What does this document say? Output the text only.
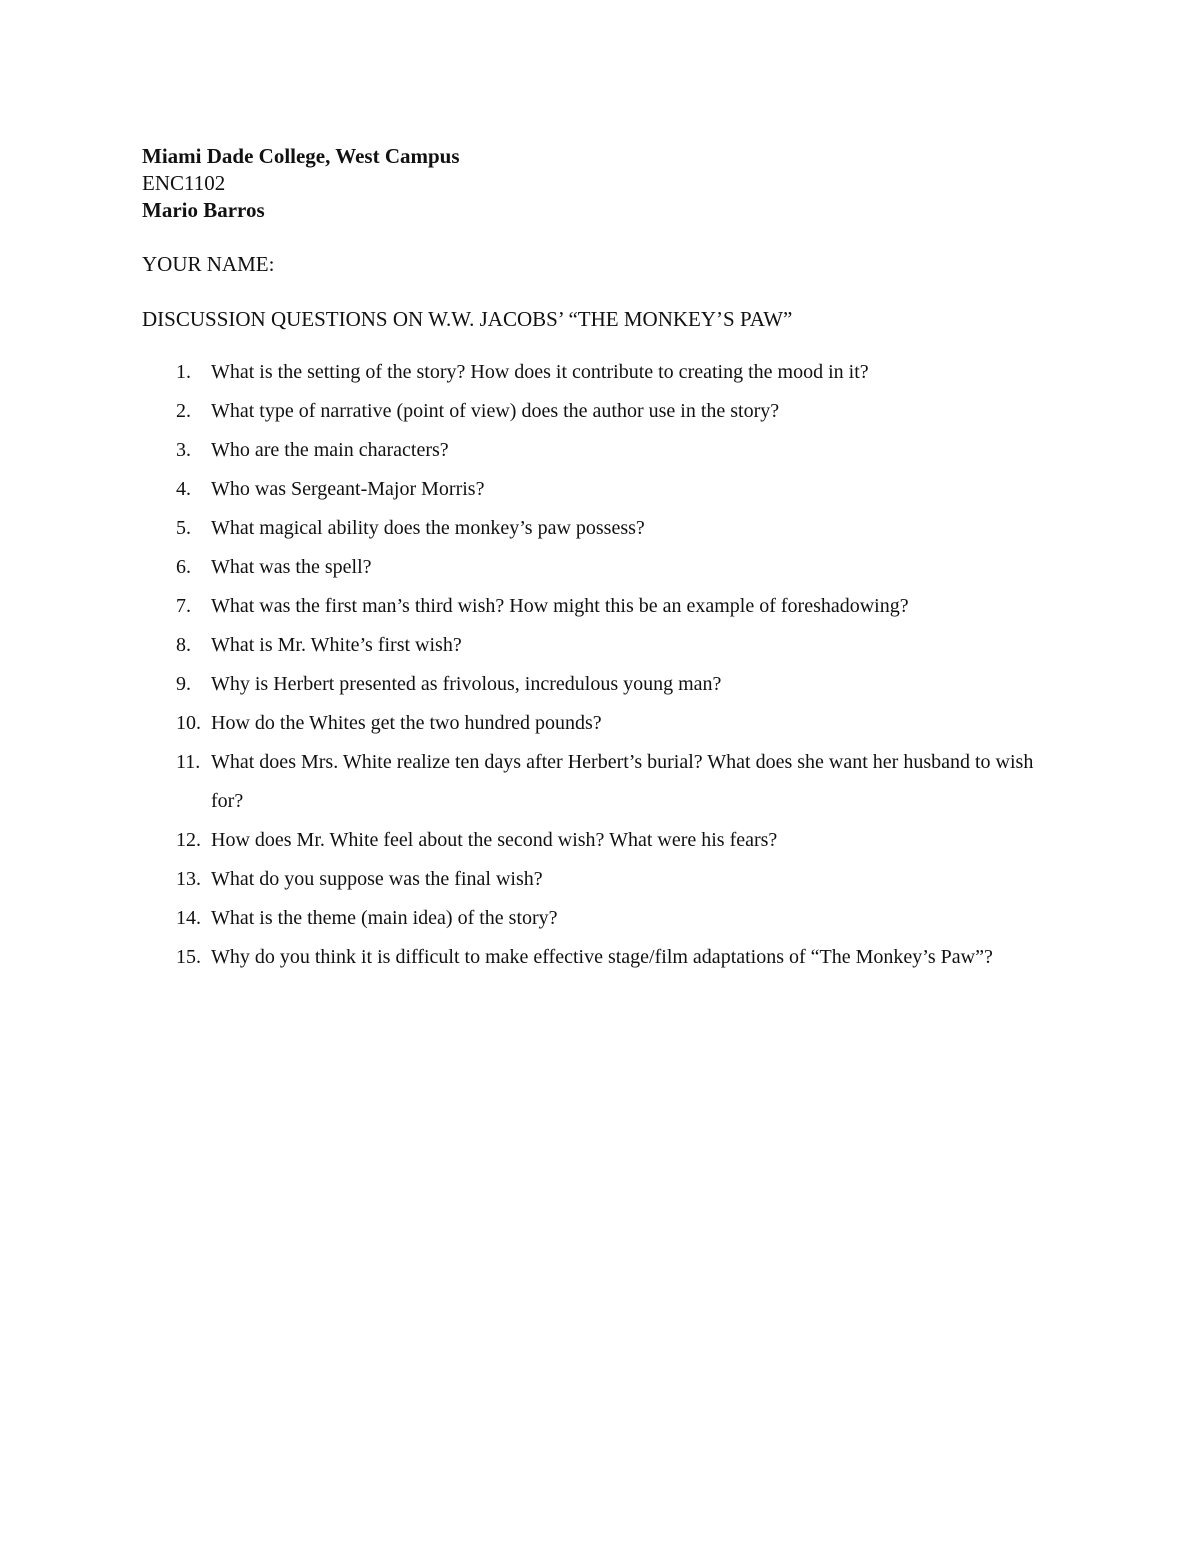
Miami Dade College, West Campus
ENC1102
Mario Barros
YOUR NAME:
DISCUSSION QUESTIONS ON W.W. JACOBS’ “THE MONKEY’S PAW”
1. What is the setting of the story? How does it contribute to creating the mood in it?
2. What type of narrative (point of view) does the author use in the story?
3. Who are the main characters?
4. Who was Sergeant-Major Morris?
5. What magical ability does the monkey’s paw possess?
6. What was the spell?
7. What was the first man’s third wish? How might this be an example of foreshadowing?
8. What is Mr. White’s first wish?
9. Why is Herbert presented as frivolous, incredulous young man?
10. How do the Whites get the two hundred pounds?
11. What does Mrs. White realize ten days after Herbert’s burial? What does she want her husband to wish for?
12. How does Mr. White feel about the second wish? What were his fears?
13. What do you suppose was the final wish?
14. What is the theme (main idea) of the story?
15. Why do you think it is difficult to make effective stage/film adaptations of “The Monkey’s Paw”?
